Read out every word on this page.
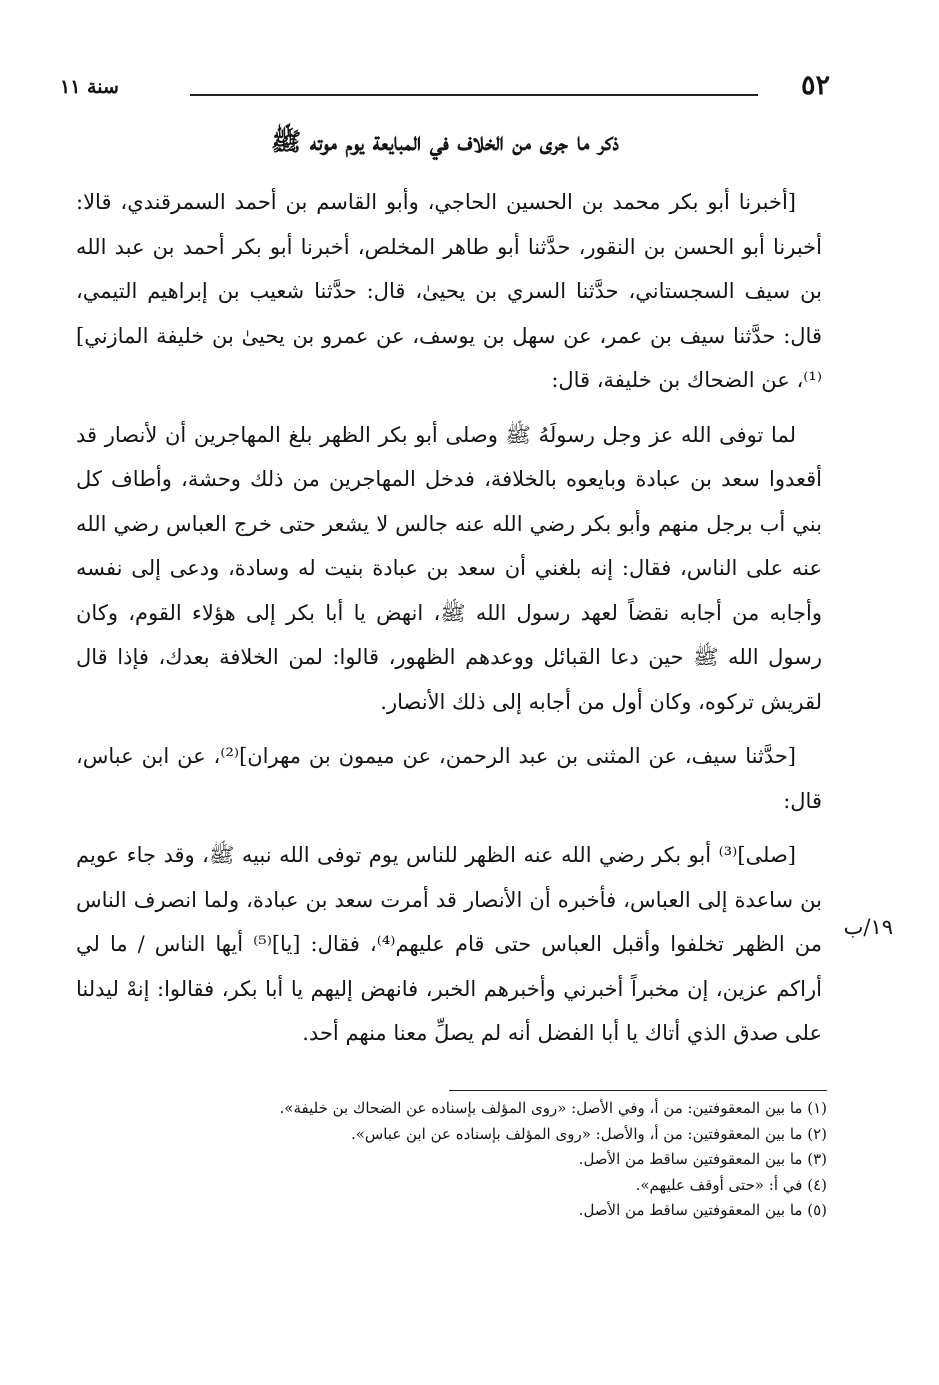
٥٢
سنة ١١
ذكر ما جرى من الخلاف في المبايعة يوم موته ﷺ
[أخبرنا أبو بكر محمد بن الحسين الحاجي، وأبو القاسم بن أحمد السمرقندي، قالا: أخبرنا أبو الحسن بن النقور، حدَّثنا أبو طاهر المخلص، أخبرنا أبو بكر أحمد بن عبد الله بن سيف السجستاني، حدَّثنا السري بن يحيىٰ، قال: حدَّثنا شعيب بن إبراهيم التيمي، قال: حدَّثنا سيف بن عمر، عن سهل بن يوسف، عن عمرو بن يحيىٰ بن خليفة المازني]⁽¹⁾، عن الضحاك بن خليفة، قال:
لما توفى الله عز وجل رسولَهُ ﷺ وصلى أبو بكر الظهر بلغ المهاجرين أن لأنصار قد أقعدوا سعد بن عبادة وبايعوه بالخلافة، فدخل المهاجرين من ذلك وحشة، وأطاف كل بني أب برجل منهم وأبو بكر رضي الله عنه جالس لا يشعر حتى خرج العباس رضي الله عنه على الناس، فقال: إنه بلغني أن سعد بن عبادة بنيت له وسادة، ودعى إلى نفسه وأجابه من أجابه نقضاً لعهد رسول الله ﷺ، انهض يا أبا بكر إلى هؤلاء القوم، وكان رسول الله ﷺ حين دعا القبائل ووعدهم الظهور، قالوا: لمن الخلافة بعدك، فإذا قال لقريش تركوه، وكان أول من أجابه إلى ذلك الأنصار.
[حدَّثنا سيف، عن المثنى بن عبد الرحمن، عن ميمون بن مهران]⁽²⁾، عن ابن عباس، قال:
[صلى]⁽³⁾ أبو بكر رضي الله عنه الظهر للناس يوم توفى الله نبيه ﷺ، وقد جاء عويم بن ساعدة إلى العباس، فأخبره أن الأنصار قد أمرت سعد بن عبادة، ولما انصرف الناس من الظهر تخلفوا وأقبل العباس حتى قام عليهم⁽⁴⁾، فقال: [يا]⁽⁵⁾ أيها الناس / ما لي أراكم عزين، إن مخبراً أخبرني وأخبرهم الخبر، فانهض إليهم يا أبا بكر، فقالوا: إنهْ ليدلنا على صدق الذي أتاك يا أبا الفضل أنه لم يصلِّ معنا منهم أحد.
١٩/ب
(١) ما بين المعقوفتين: من أ، وفي الأصل: «روى المؤلف بإسناده عن الضحاك بن خليفة».
(٢) ما بين المعقوفتين: من أ، والأصل: «روى المؤلف بإسناده عن ابن عباس».
(٣) ما بين المعقوفتين ساقط من الأصل.
(٤) في أ: «حتى أوقف عليهم».
(٥) ما بين المعقوفتين ساقط من الأصل.
